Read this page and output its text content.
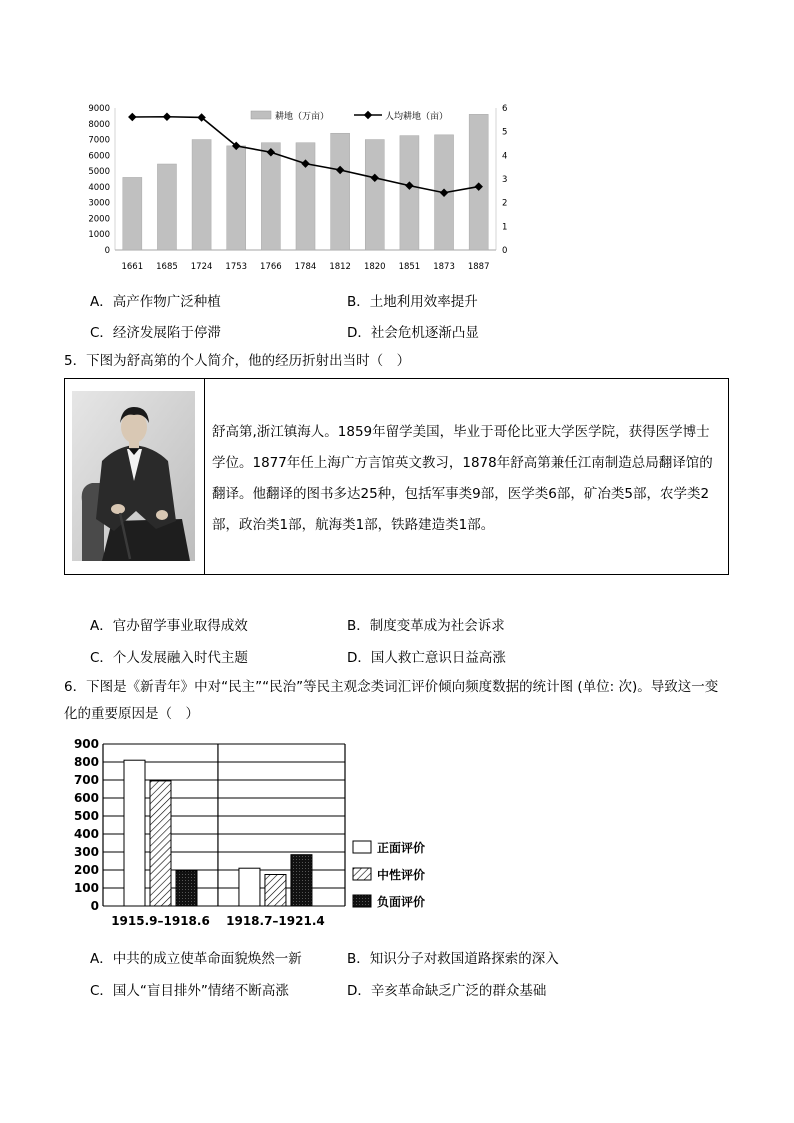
9000
8000
7000
6000
5000
4000
3000
2000
1000
0
6
5
4
3
2
1
0
1661 1685 1724 1753 1766 1784 1812 1820 1851 1873 1887
耕地（万亩）	人均耕地（亩）
A．高产作物广泛种植	B．土地利用效率提升
C．经济发展陷于停滞	D．社会危机逐渐凸显
5．下图为舒高第的个人简介，他的经历折射出当时（　）
舒高第,浙江镇海人。1859年留学美国，毕业于哥伦比亚大学医学院，获得医学博士学位。1877年任上海广方言馆英文教习，1878年舒高第兼任江南制造总局翻译馆的翻译。他翻译的图书多达25种，包括军事类9部，医学类6部，矿冶类5部，农学类2部，政治类1部，航海类1部，铁路建造类1部。
A．官办留学事业取得成效	B．制度变革成为社会诉求
C．个人发展融入时代主题	D．国人救亡意识日益高涨
6．下图是《新青年》中对“民主”“民治”等民主观念类词汇评价倾向频度数据的统计图 (单位: 次)。导致这一变化的重要原因是（　）
900
800
700
600
500
400
300
200
100
0
1915.9–1918.6 1918.7–1921.4
正面评价
中性评价
负面评价
A．中共的成立使革命面貌焕然一新	B．知识分子对救国道路探索的深入
C．国人“盲目排外”情绪不断高涨	D．辛亥革命缺乏广泛的群众基础
